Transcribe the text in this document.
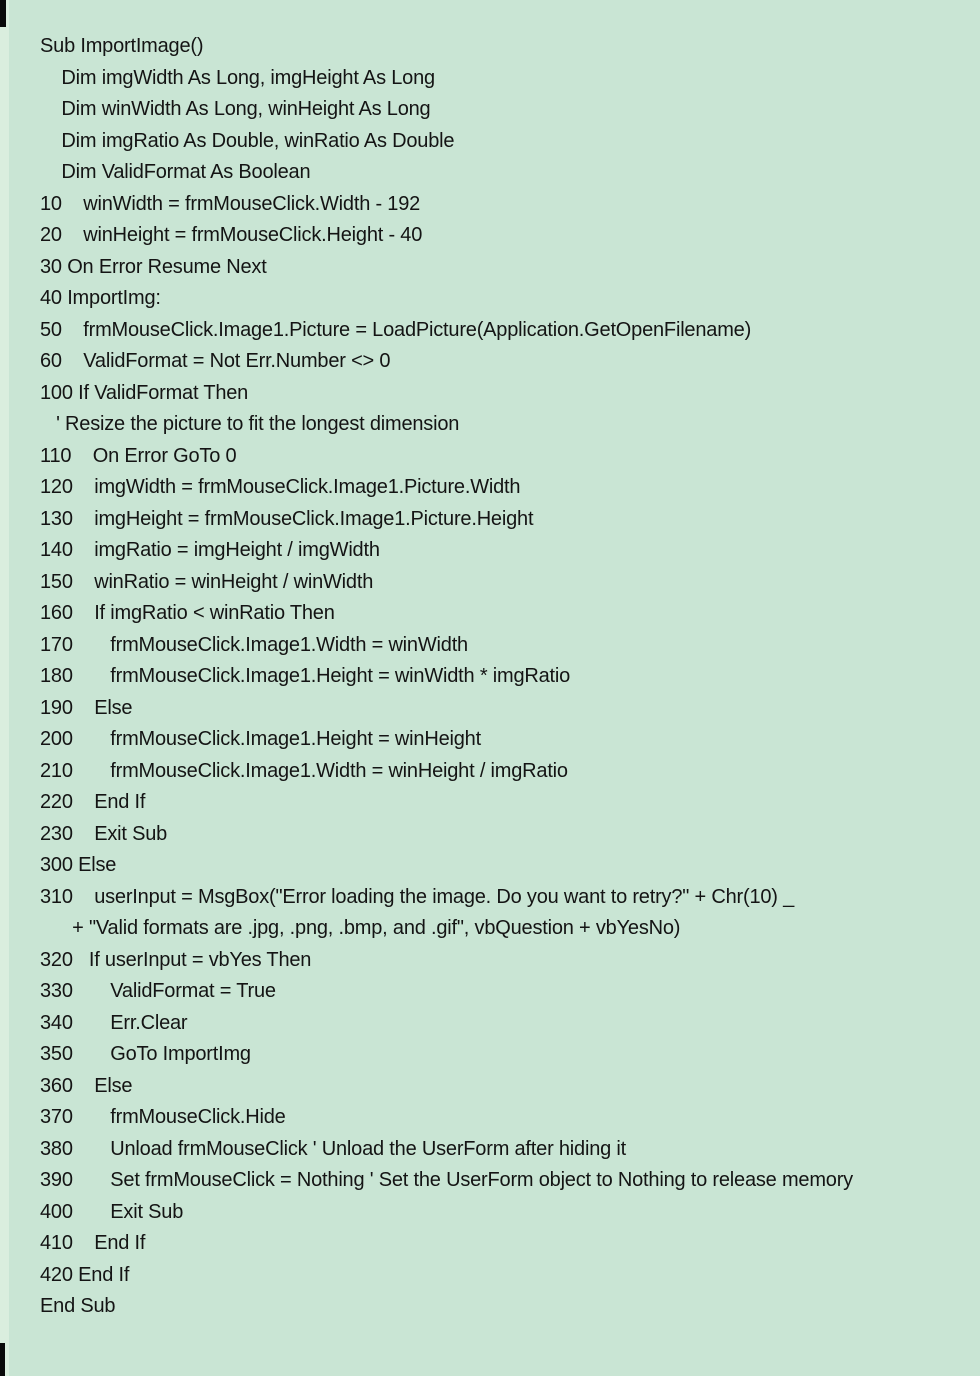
Sub ImportImage()
Dim imgWidth As Long, imgHeight As Long
Dim winWidth As Long, winHeight As Long
Dim imgRatio As Double, winRatio As Double
Dim ValidFormat As Boolean
10    winWidth = frmMouseClick.Width - 192
20    winHeight = frmMouseClick.Height - 40
30 On Error Resume Next
40 ImportImg:
50    frmMouseClick.Image1.Picture = LoadPicture(Application.GetOpenFilename)
60    ValidFormat = Not Err.Number <> 0
100 If ValidFormat Then
' Resize the picture to fit the longest dimension
110    On Error GoTo 0
120    imgWidth = frmMouseClick.Image1.Picture.Width
130    imgHeight = frmMouseClick.Image1.Picture.Height
140    imgRatio = imgHeight / imgWidth
150    winRatio = winHeight / winWidth
160    If imgRatio < winRatio Then
170       frmMouseClick.Image1.Width = winWidth
180       frmMouseClick.Image1.Height = winWidth * imgRatio
190    Else
200       frmMouseClick.Image1.Height = winHeight
210       frmMouseClick.Image1.Width = winHeight / imgRatio
220    End If
230    Exit Sub
300 Else
310    userInput = MsgBox("Error loading the image. Do you want to retry?" + Chr(10) _
+ "Valid formats are .jpg, .png, .bmp, and .gif", vbQuestion + vbYesNo)
320   If userInput = vbYes Then
330       ValidFormat = True
340       Err.Clear
350       GoTo ImportImg
360    Else
370       frmMouseClick.Hide
380       Unload frmMouseClick ' Unload the UserForm after hiding it
390       Set frmMouseClick = Nothing ' Set the UserForm object to Nothing to release memory
400       Exit Sub
410    End If
420 End If
End Sub
